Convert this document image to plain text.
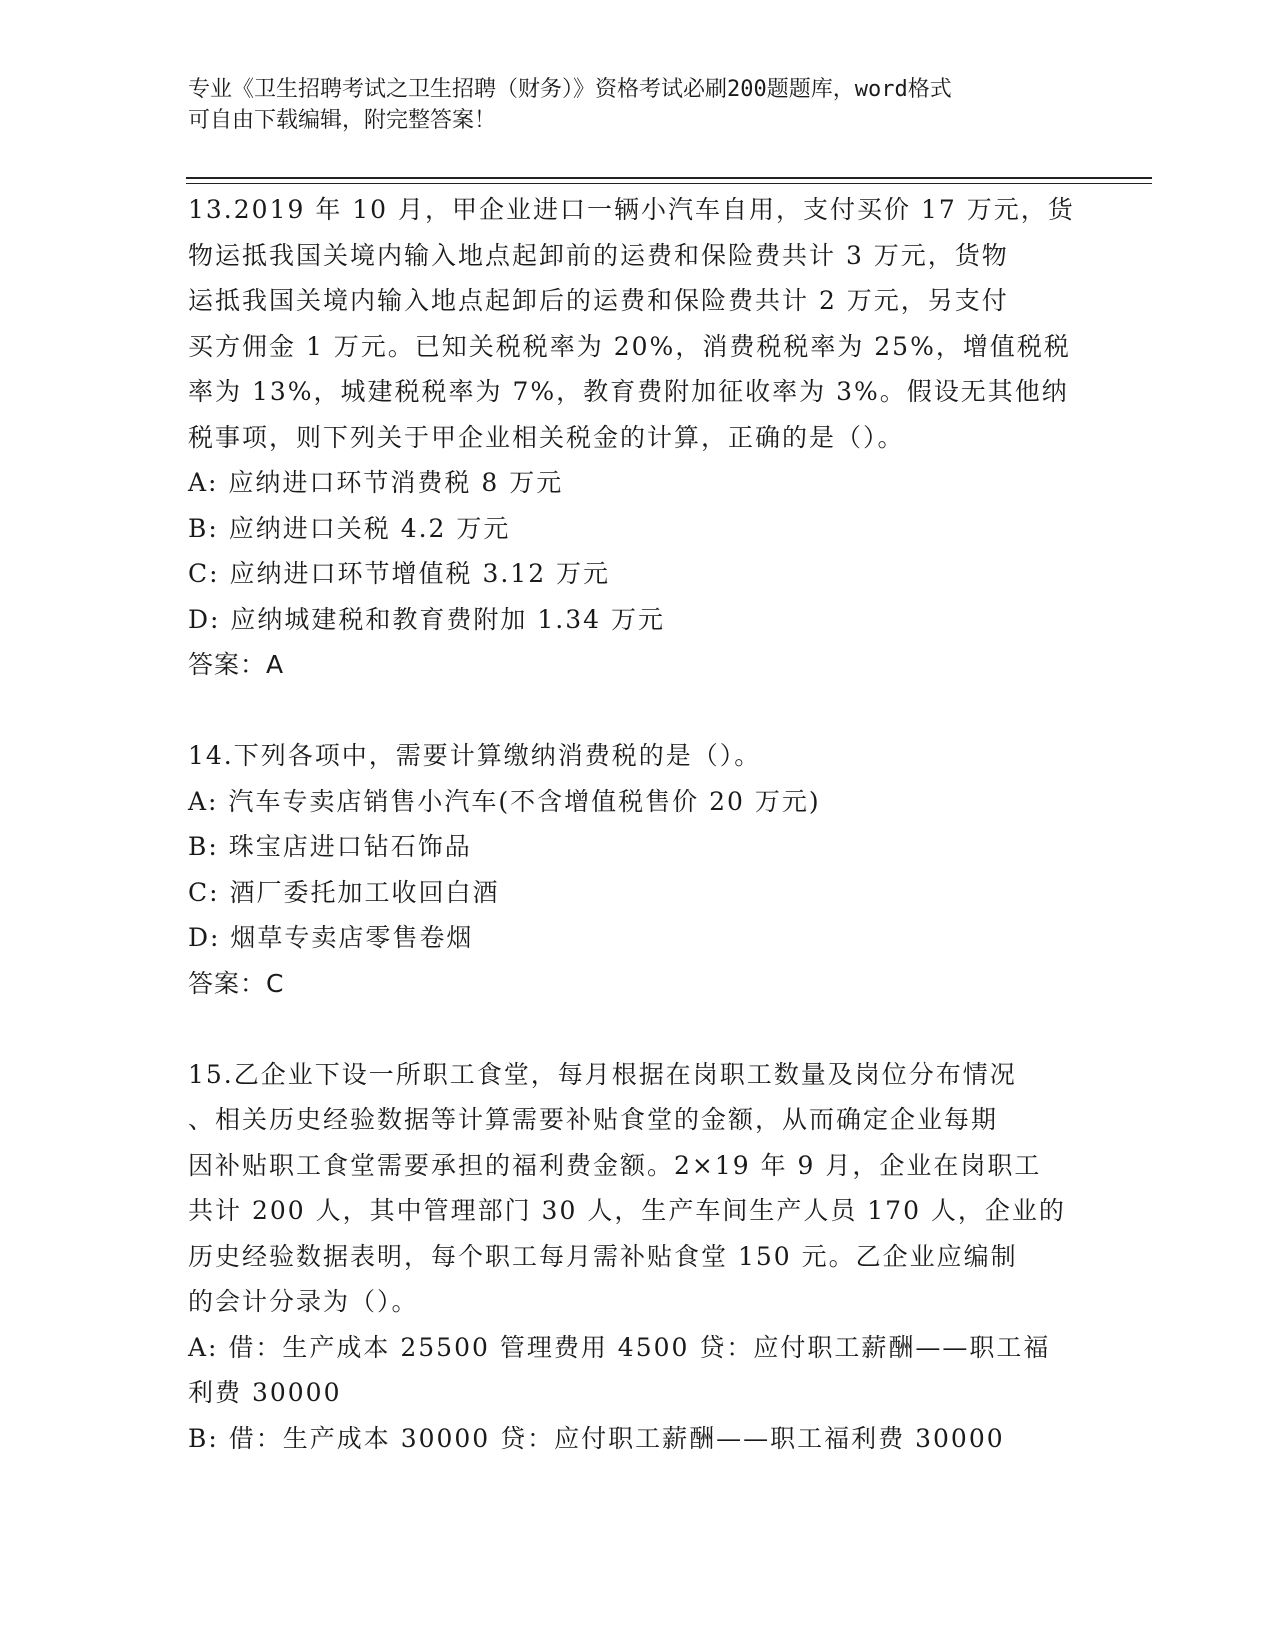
专业《卫生招聘考试之卫生招聘（财务）》资格考试必刷200题题库，word格式
可自由下载编辑，附完整答案！
13.2019 年 10 月，甲企业进口一辆小汽车自用，支付买价 17 万元，货
物运抵我国关境内输入地点起卸前的运费和保险费共计 3 万元，货物
运抵我国关境内输入地点起卸后的运费和保险费共计 2 万元，另支付
买方佣金 1 万元。已知关税税率为 20%，消费税税率为 25%，增值税税
率为 13%，城建税税率为 7%，教育费附加征收率为 3%。假设无其他纳
税事项，则下列关于甲企业相关税金的计算，正确的是（）。
A: 应纳进口环节消费税 8 万元
B: 应纳进口关税 4.2 万元
C: 应纳进口环节增值税 3.12 万元
D: 应纳城建税和教育费附加 1.34 万元
答案：A
14.下列各项中，需要计算缴纳消费税的是（）。
A: 汽车专卖店销售小汽车(不含增值税售价 20 万元)
B: 珠宝店进口钻石饰品
C: 酒厂委托加工收回白酒
D: 烟草专卖店零售卷烟
答案：C
15.乙企业下设一所职工食堂，每月根据在岗职工数量及岗位分布情况
、相关历史经验数据等计算需要补贴食堂的金额，从而确定企业每期
因补贴职工食堂需要承担的福利费金额。2×19 年 9 月，企业在岗职工
共计 200 人，其中管理部门 30 人，生产车间生产人员 170 人，企业的
历史经验数据表明，每个职工每月需补贴食堂 150 元。乙企业应编制
的会计分录为（）。
A: 借：生产成本 25500 管理费用 4500 贷：应付职工薪酬——职工福
利费 30000
B: 借：生产成本 30000 贷：应付职工薪酬——职工福利费 30000
